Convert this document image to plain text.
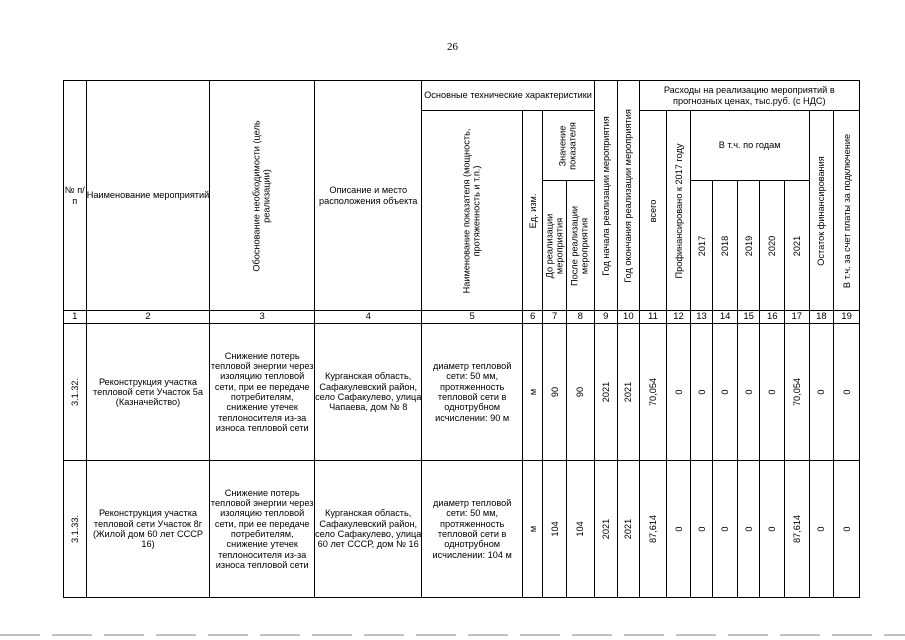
26
№ п/п	Наименование мероприятий	Обоснование необходимости (цель реализации)	Описание и место расположения объекта	Основные технические характеристики				Год начала реализации мероприятия	Год окончания реализации мероприятия	Расходы на реализацию мероприятий в прогнозных ценах, тыс.руб. (с НДС)								

				Наименование показателя (мощность, протяженность и т.п.)	Ед. изм.	Значение показателя				всего	Профинансировано к 2017 году	В т.ч. по годам					Остаток финансирования	В т.ч. за счет платы за подключение

						До реализации мероприятия	После реализации мероприятия					2017	2018	2019	2020	2021		

1	2	3	4	5	6	7	8	9	10	11	12	13	14	15	16	17	18	19

3.1.32.	Реконструкция участка тепловой сети Участок 5а (Казначейство)	Снижение потерь тепловой энергии через изоляцию тепловой сети, при ее передаче потребителям, снижение утечек теплоносителя из-за износа тепловой сети	Курганская область, Сафакулевский район, село Сафакулево, улица Чапаева, дом № 8	диаметр тепловой сети: 50 мм, протяженность тепловой сети в однотрубном исчислении: 90 м	м	90	90	2021	2021	70,054	0	0	0	0	0	70,054	0	0

3.1.33.	Реконструкция участка тепловой сети Участок 8г (Жилой дом 60 лет СССР 16)	Снижение потерь тепловой энергии через изоляцию тепловой сети, при ее передаче потребителям, снижение утечек теплоносителя из-за износа тепловой сети	Курганская область, Сафакулевский район, село Сафакулево, улица 60 лет СССР, дом № 16	диаметр тепловой сети: 50 мм, протяженность тепловой сети в однотрубном исчислении: 104 м	м	104	104	2021	2021	87,614	0	0	0	0	0	87,614	0	0
